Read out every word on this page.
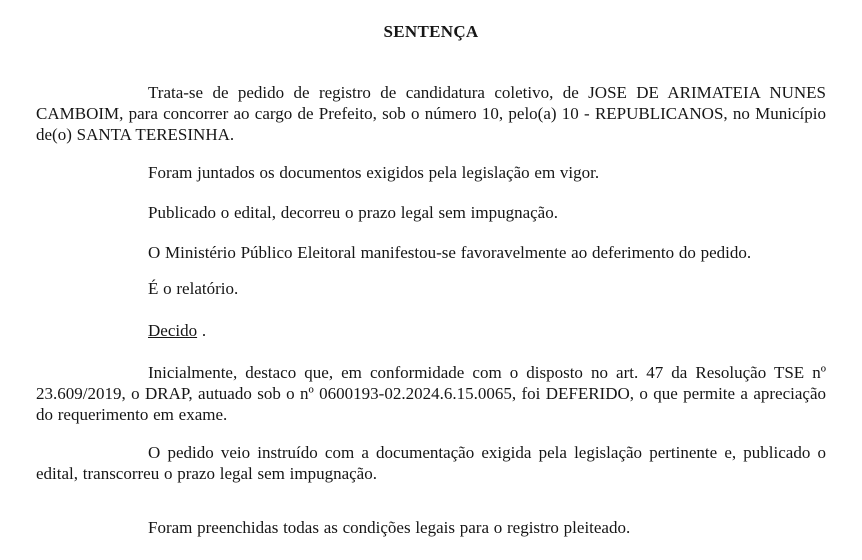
SENTENÇA

Trata-se de pedido de registro de candidatura coletivo, de JOSE DE ARIMATEIA NUNES CAMBOIM, para concorrer ao cargo de Prefeito, sob o número 10, pelo(a) 10 - REPUBLICANOS, no Município de(o) SANTA TERESINHA.

Foram juntados os documentos exigidos pela legislação em vigor.

Publicado o edital, decorreu o prazo legal sem impugnação.

O Ministério Público Eleitoral manifestou-se favoravelmente ao deferimento do pedido.

É o relatório.

Decido .

Inicialmente, destaco que, em conformidade com o disposto no art. 47 da Resolução TSE nº 23.609/2019, o DRAP, autuado sob o nº 0600193-02.2024.6.15.0065, foi DEFERIDO, o que permite a apreciação do requerimento em exame.

O pedido veio instruído com a documentação exigida pela legislação pertinente e, publicado o edital, transcorreu o prazo legal sem impugnação.

Foram preenchidas todas as condições legais para o registro pleiteado.
